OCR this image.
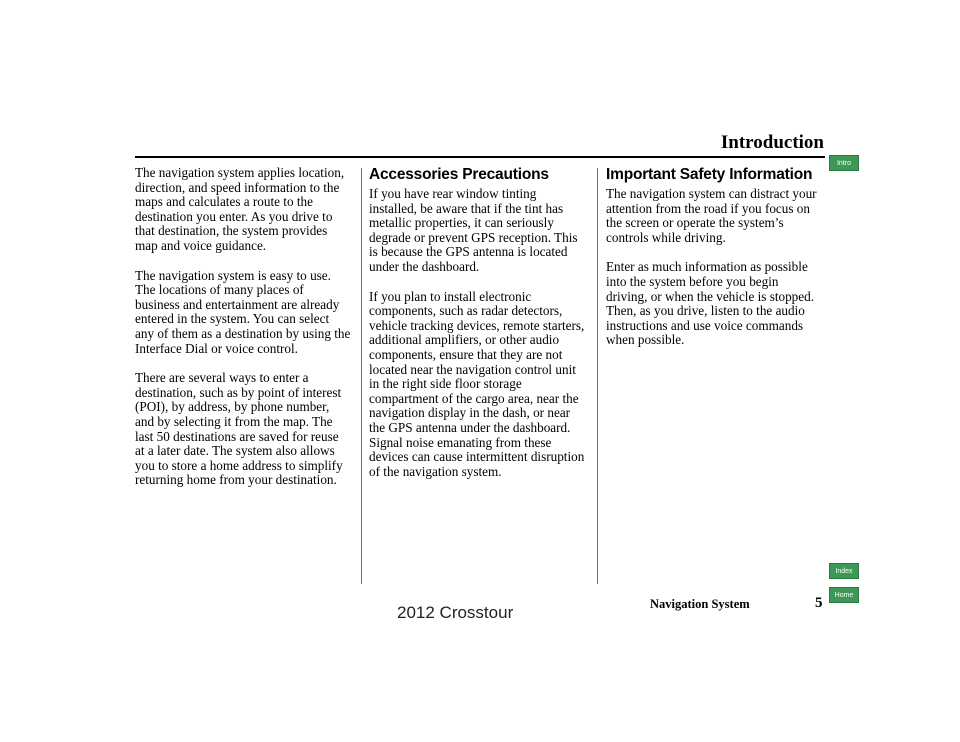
Introduction

The navigation system applies location, direction, and speed information to the maps and calculates a route to the destination you enter. As you drive to that destination, the system provides map and voice guidance.

The navigation system is easy to use. The locations of many places of business and entertainment are already entered in the system. You can select any of them as a destination by using the Interface Dial or voice control.

There are several ways to enter a destination, such as by point of interest (POI), by address, by phone number, and by selecting it from the map. The last 50 destinations are saved for reuse at a later date. The system also allows you to store a home address to simplify returning home from your destination.

Accessories Precautions

If you have rear window tinting installed, be aware that if the tint has metallic properties, it can seriously degrade or prevent GPS reception. This is because the GPS antenna is located under the dashboard.

If you plan to install electronic components, such as radar detectors, vehicle tracking devices, remote starters, additional amplifiers, or other audio components, ensure that they are not located near the navigation control unit in the right side floor storage compartment of the cargo area, near the navigation display in the dash, or near the GPS antenna under the dashboard. Signal noise emanating from these devices can cause intermittent disruption of the navigation system.

Important Safety Information

The navigation system can distract your attention from the road if you focus on the screen or operate the system’s controls while driving.

Enter as much information as possible into the system before you begin driving, or when the vehicle is stopped. Then, as you drive, listen to the audio instructions and use voice commands when possible.

Intro
Index
Home
Navigation System	5
2012 Crosstour
